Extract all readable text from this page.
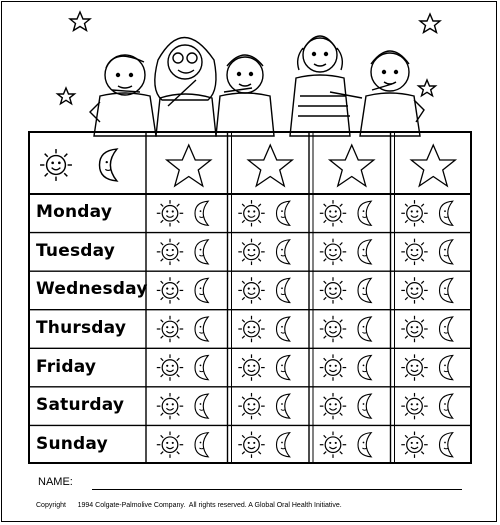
Monday
Tuesday
Wednesday
Thursday
Friday
Saturday
Sunday
NAME:
Copyright      1994 Colgate-Palmolive Company.  All rights reserved. A Global Oral Health Initiative.
